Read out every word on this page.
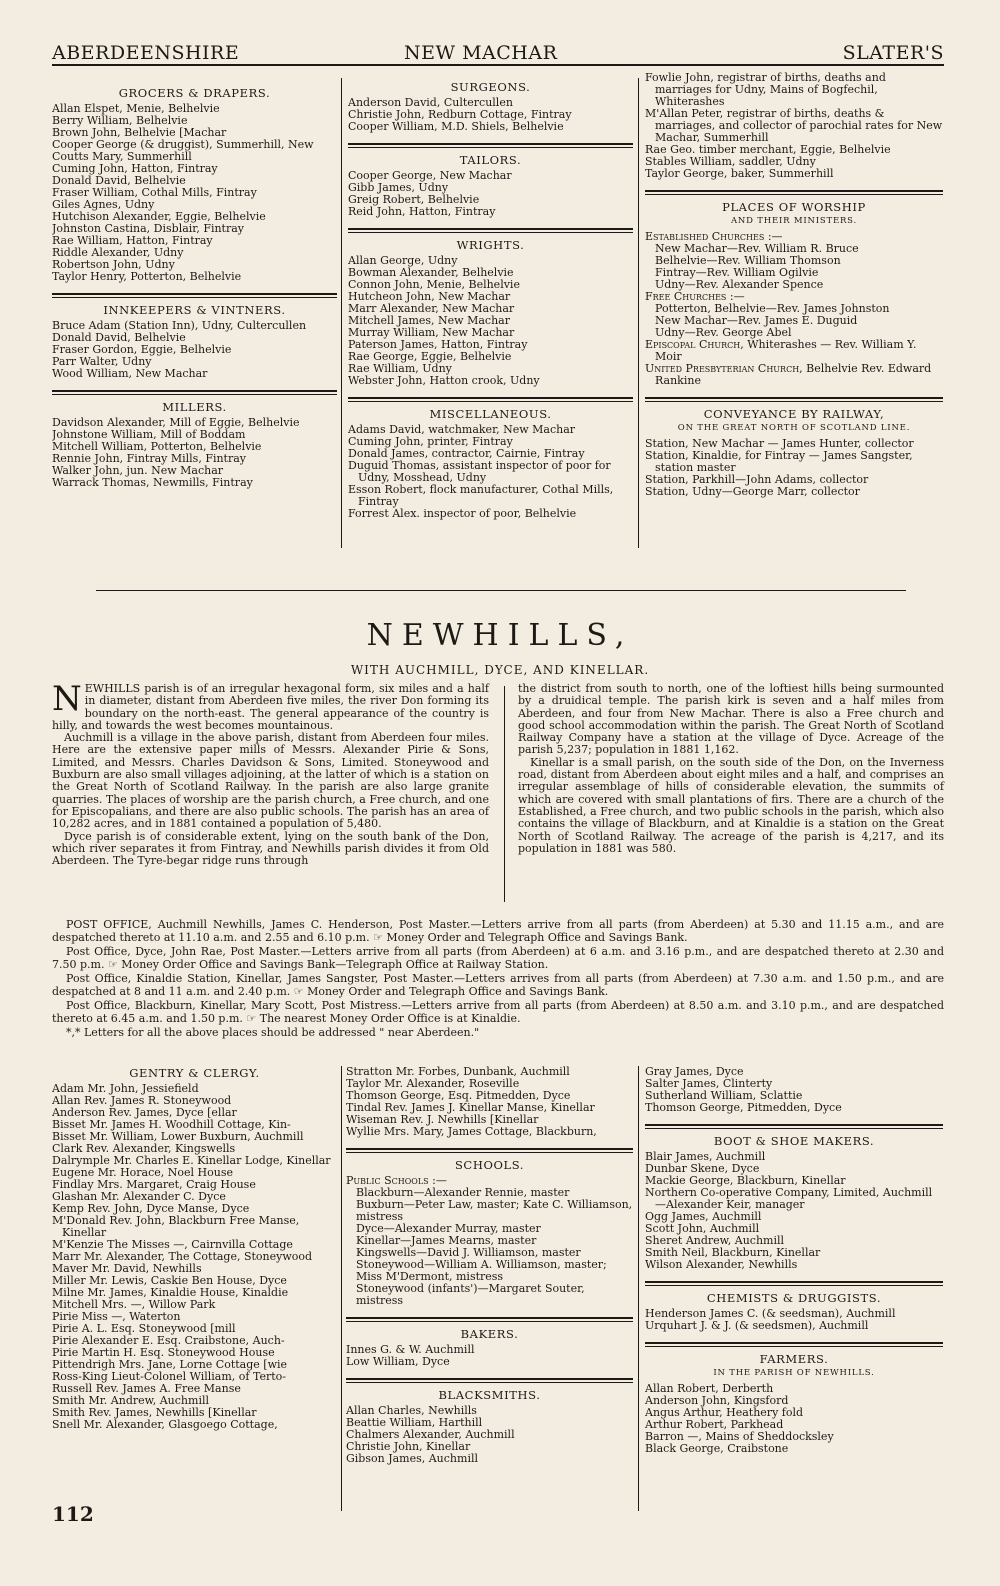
ABERDEENSHIRE	NEW MACHAR	SLATER'S
GROCERS & DRAPERS.
Allan Elspet, Menie, Belhelvie
Berry William, Belhelvie
Brown John, Belhelvie [Machar
Cooper George (& druggist), Summerhill, New
Coutts Mary, Summerhill
Cuming John, Hatton, Fintray
Donald David, Belhelvie
Fraser William, Cothal Mills, Fintray
Giles Agnes, Udny
Hutchison Alexander, Eggie, Belhelvie
Johnston Castina, Disblair, Fintray
Rae William, Hatton, Fintray
Riddle Alexander, Udny
Robertson John, Udny
Taylor Henry, Potterton, Belhelvie
INNKEEPERS & VINTNERS.
Bruce Adam (Station Inn), Udny, Cultercullen
Donald David, Belhelvie
Fraser Gordon, Eggie, Belhelvie
Parr Walter, Udny
Wood William, New Machar
MILLERS.
Davidson Alexander, Mill of Eggie, Belhelvie
Johnstone William, Mill of Boddam
Mitchell William, Potterton, Belhelvie
Rennie John, Fintray Mills, Fintray
Walker John, jun. New Machar
Warrack Thomas, Newmills, Fintray
SURGEONS.
Anderson David, Cultercullen
Christie John, Redburn Cottage, Fintray
Cooper William, M.D. Shiels, Belhelvie
TAILORS.
Cooper George, New Machar
Gibb James, Udny
Greig Robert, Belhelvie
Reid John, Hatton, Fintray
WRIGHTS.
Allan George, Udny
Bowman Alexander, Belhelvie
Connon John, Menie, Belhelvie
Hutcheon John, New Machar
Marr Alexander, New Machar
Mitchell James, New Machar
Murray William, New Machar
Paterson James, Hatton, Fintray
Rae George, Eggie, Belhelvie
Rae William, Udny
Webster John, Hatton crook, Udny
MISCELLANEOUS.
Adams David, watchmaker, New Machar
Cuming John, printer, Fintray
Donald James, contractor, Cairnie, Fintray
Duguid Thomas, assistant inspector of poor for Udny, Mosshead, Udny
Esson Robert, flock manufacturer, Cothal Mills, Fintray
Forrest Alex. inspector of poor, Belhelvie
Fowlie John, registrar of births, deaths and marriages for Udny, Mains of Bogfechil, Whiterashes
M'Allan Peter, registrar of births, deaths & marriages, and collector of parochial rates for New Machar, Summerhill
Rae Geo. timber merchant, Eggie, Belhelvie
Stables William, saddler, Udny
Taylor George, baker, Summerhill
PLACES OF WORSHIP
AND THEIR MINISTERS.
Established Churches :—
New Machar—Rev. William R. Bruce
Belhelvie—Rev. William Thomson
Fintray—Rev. William Ogilvie
Udny—Rev. Alexander Spence
Free Churches :—
Potterton, Belhelvie—Rev. James Johnston
New Machar—Rev. James E. Duguid
Udny—Rev. George Abel
Episcopal Church, Whiterashes — Rev. William Y. Moir
United Presbyterian Church, Belhelvie Rev. Edward Rankine
CONVEYANCE BY RAILWAY,
ON THE GREAT NORTH OF SCOTLAND LINE.
Station, New Machar — James Hunter, collector
Station, Kinaldie, for Fintray — James Sangster, station master
Station, Parkhill—John Adams, collector
Station, Udny—George Marr, collector
NEWHILLS,
WITH AUCHMILL, DYCE, AND KINELLAR.
N EWHILLS parish is of an irregular hexagonal form, six miles and a half in diameter, distant from Aberdeen five miles, the river Don forming its boundary on the north-east. The general appearance of the country is hilly, and towards the west becomes mountainous.

Auchmill is a village in the above parish, distant from Aberdeen four miles. Here are the extensive paper mills of Messrs. Alexander Pirie & Sons, Limited, and Messrs. Charles Davidson & Sons, Limited. Stoneywood and Buxburn are also small villages adjoining, at the latter of which is a station on the Great North of Scotland Railway. In the parish are also large granite quarries. The places of worship are the parish church, a Free church, and one for Episcopalians, and there are also public schools. The parish has an area of 10,282 acres, and in 1881 contained a population of 5,480.

Dyce parish is of considerable extent, lying on the south bank of the Don, which river separates it from Fintray, and Newhills parish divides it from Old Aberdeen. The Tyre-begar ridge runs through

the district from south to north, one of the loftiest hills being surmounted by a druidical temple. The parish kirk is seven and a half miles from Aberdeen, and four from New Machar. There is also a Free church and good school accommodation within the parish. The Great North of Scotland Railway Company have a station at the village of Dyce. Acreage of the parish 5,237; population in 1881 1,162.

Kinellar is a small parish, on the south side of the Don, on the Inverness road, distant from Aberdeen about eight miles and a half, and comprises an irregular assemblage of hills of considerable elevation, the summits of which are covered with small plantations of firs. There are a church of the Established, a Free church, and two public schools in the parish, which also contains the village of Blackburn, and at Kinaldie is a station on the Great North of Scotland Railway. The acreage of the parish is 4,217, and its population in 1881 was 580.

POST OFFICE, Auchmill Newhills, James C. Henderson, Post Master.—Letters arrive from all parts (from Aberdeen) at 5.30 and 11.15 a.m., and are despatched thereto at 11.10 a.m. and 2.55 and 6.10 p.m. ☞ Money Order and Telegraph Office and Savings Bank.

Post Office, Dyce, John Rae, Post Master.—Letters arrive from all parts (from Aberdeen) at 6 a.m. and 3.16 p.m., and are despatched thereto at 2.30 and 7.50 p.m. ☞ Money Order Office and Savings Bank—Telegraph Office at Railway Station.

Post Office, Kinaldie Station, Kinellar, James Sangster, Post Master.—Letters arrives from all parts (from Aberdeen) at 7.30 a.m. and 1.50 p.m., and are despatched at 8 and 11 a.m. and 2.40 p.m. ☞ Money Order and Telegraph Office and Savings Bank.

Post Office, Blackburn, Kinellar, Mary Scott, Post Mistress.—Letters arrive from all parts (from Aberdeen) at 8.50 a.m. and 3.10 p.m., and are despatched thereto at 6.45 a.m. and 1.50 p.m. ☞ The nearest Money Order Office is at Kinaldie.

*,* Letters for all the above places should be addressed " near Aberdeen."

GENTRY & CLERGY.
Adam Mr. John, Jessiefield
Allan Rev. James R. Stoneywood
Anderson Rev. James, Dyce [ellar
Bisset Mr. James H. Woodhill Cottage, Kin-
Bisset Mr. William, Lower Buxburn, Auchmill
Clark Rev. Alexander, Kingswells
Dalrymple Mr. Charles E. Kinellar Lodge, Kinellar
Eugene Mr. Horace, Noel House
Findlay Mrs. Margaret, Craig House
Glashan Mr. Alexander C. Dyce
Kemp Rev. John, Dyce Manse, Dyce
M'Donald Rev. John, Blackburn Free Manse, Kinellar
M'Kenzie The Misses —, Cairnvilla Cottage
Marr Mr. Alexander, The Cottage, Stoneywood
Maver Mr. David, Newhills
Miller Mr. Lewis, Caskie Ben House, Dyce
Milne Mr. James, Kinaldie House, Kinaldie
Mitchell Mrs. —, Willow Park
Pirie Miss —, Waterton
Pirie A. L. Esq. Stoneywood [mill
Pirie Alexander E. Esq. Craibstone, Auch-
Pirie Martin H. Esq. Stoneywood House
Pittendrigh Mrs. Jane, Lorne Cottage [wie
Ross-King Lieut-Colonel William, of Terto-
Russell Rev. James A. Free Manse
Smith Mr. Andrew, Auchmill
Smith Rev. James, Newhills [Kinellar
Snell Mr. Alexander, Glasgoego Cottage,
Stratton Mr. Forbes, Dunbank, Auchmill
Taylor Mr. Alexander, Roseville
Thomson George, Esq. Pitmedden, Dyce
Tindal Rev. James J. Kinellar Manse, Kinellar
Wiseman Rev. J. Newhills [Kinellar
Wyllie Mrs. Mary, James Cottage, Blackburn,
SCHOOLS.
Public Schools :—
Blackburn—Alexander Rennie, master
Buxburn—Peter Law, master; Kate C. Williamson, mistress
Dyce—Alexander Murray, master
Kinellar—James Mearns, master
Kingswells—David J. Williamson, master
Stoneywood—William A. Williamson, master; Miss M'Dermont, mistress
Stoneywood (infants')—Margaret Souter, mistress
BAKERS.
Innes G. & W. Auchmill
Low William, Dyce
BLACKSMITHS.
Allan Charles, Newhills
Beattie William, Harthill
Chalmers Alexander, Auchmill
Christie John, Kinellar
Gibson James, Auchmill
Gray James, Dyce
Salter James, Clinterty
Sutherland William, Sclattie
Thomson George, Pitmedden, Dyce
BOOT & SHOE MAKERS.
Blair James, Auchmill
Dunbar Skene, Dyce
Mackie George, Blackburn, Kinellar
Northern Co-operative Company, Limited, Auchmill—Alexander Keir, manager
Ogg James, Auchmill
Scott John, Auchmill
Sheret Andrew, Auchmill
Smith Neil, Blackburn, Kinellar
Wilson Alexander, Newhills
CHEMISTS & DRUGGISTS.
Henderson James C. (& seedsman), Auchmill
Urquhart J. & J. (& seedsmen), Auchmill
FARMERS.
IN THE PARISH OF NEWHILLS.
Allan Robert, Derberth
Anderson John, Kingsford
Angus Arthur, Heathery fold
Arthur Robert, Parkhead
Barron —, Mains of Sheddocksley
Black George, Craibstone
112
